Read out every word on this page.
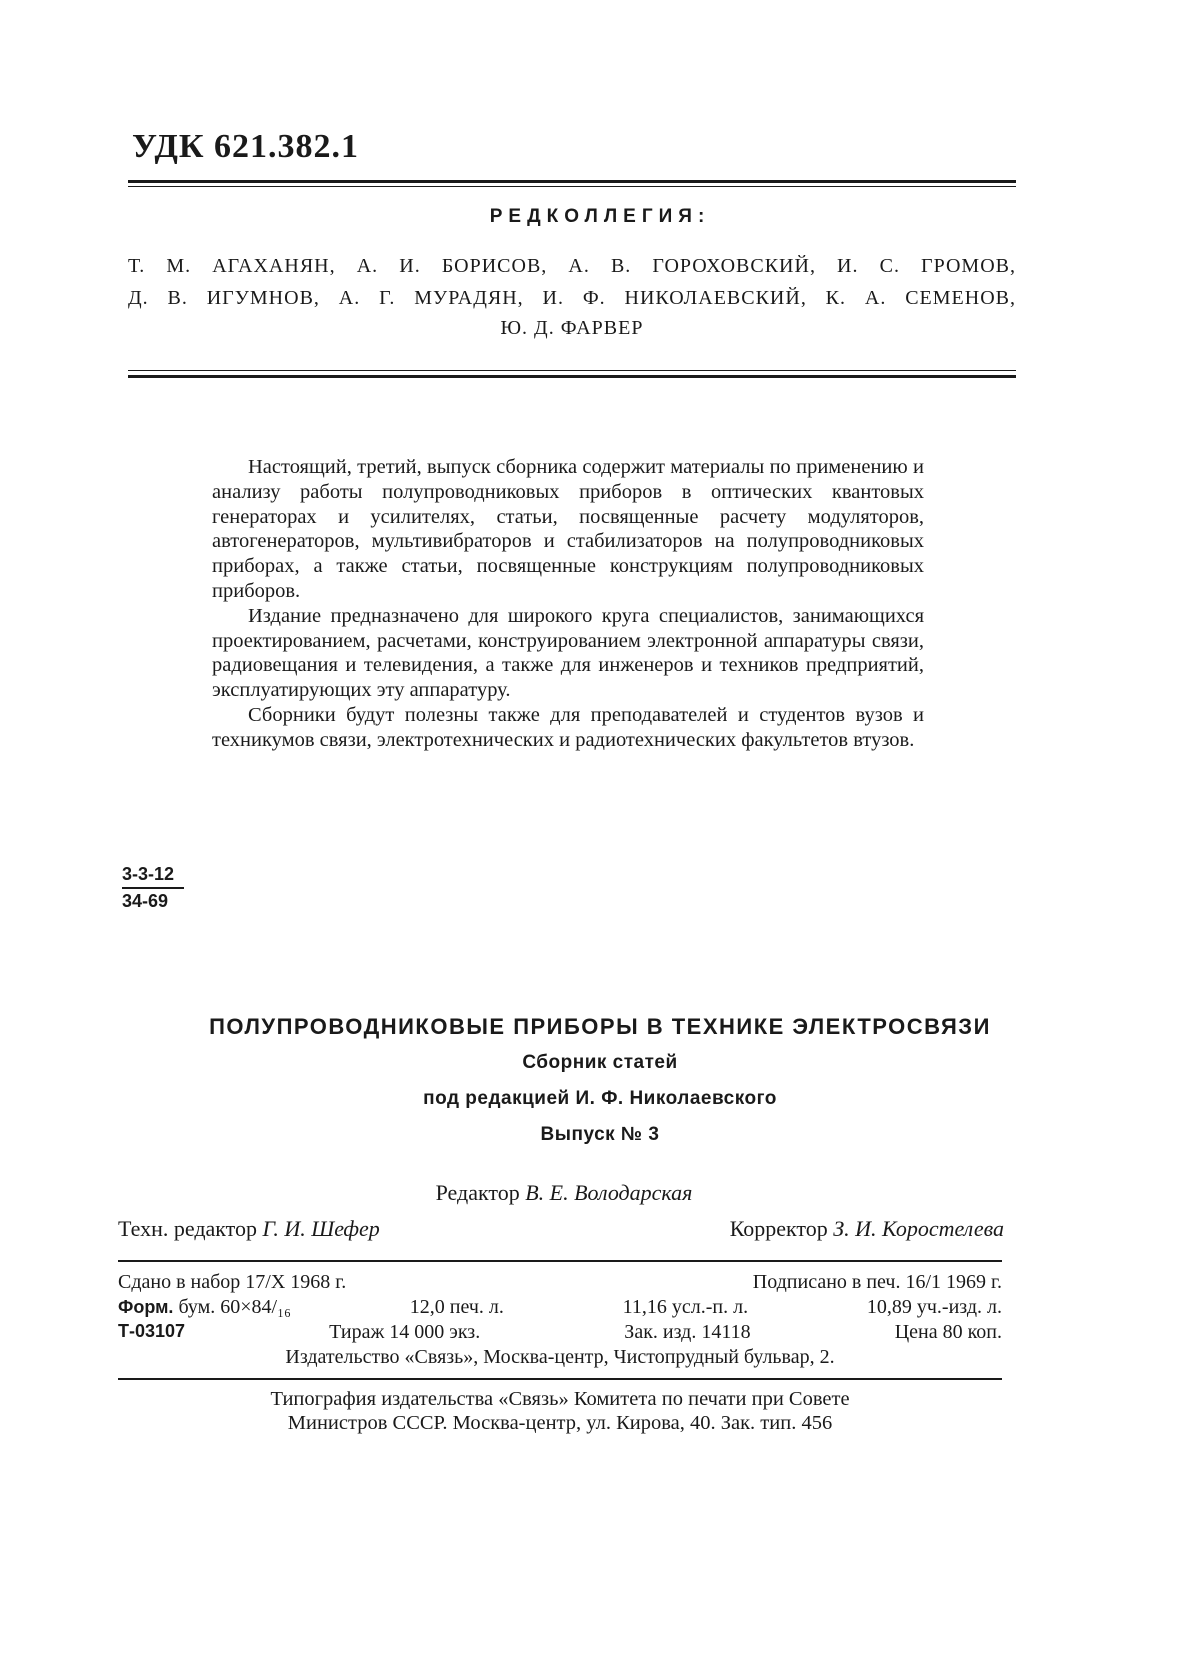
УДК 621.382.1
РЕДКОЛЛЕГИЯ:
Т. М. АГАХАНЯН, А. И. БОРИСОВ, А. В. ГОРОХОВСКИЙ, И. С. ГРОМОВ,
Д. В. ИГУМНОВ, А. Г. МУРАДЯН, И. Ф. НИКОЛАЕВСКИЙ, К. А. СЕМЕНОВ,
Ю. Д. ФАРВЕР

Настоящий, третий, выпуск сборника содержит материалы по применению и анализу работы полупроводниковых приборов в оптических квантовых генераторах и усилителях, статьи, посвященные расчету модуляторов, автогенераторов, мультивибраторов и стабилизаторов на полупроводниковых приборах, а также статьи, посвященные конструкциям полупроводниковых приборов.

Издание предназначено для широкого круга специалистов, занимающихся проектированием, расчетами, конструированием электронной аппаратуры связи, радиовещания и телевидения, а также для инженеров и техников предприятий, эксплуатирующих эту аппаратуру.

Сборники будут полезны также для преподавателей и студентов вузов и техникумов связи, электротехнических и радиотехнических факультетов втузов.

3-3-12
34-69
ПОЛУПРОВОДНИКОВЫЕ ПРИБОРЫ В ТЕХНИКЕ ЭЛЕКТРОСВЯЗИ
Сборник статей
под редакцией И. Ф. Николаевского
Выпуск № 3
Редактор В. Е. Володарская
Техн. редактор Г. И. Шефер	Корректор З. И. Коростелева
Сдано в набор 17/X 1968 г.	Подписано в печ. 16/1 1969 г.
Форм. бум. 60×84/₁₆	12,0 печ. л.	11,16 усл.-п. л.	10,89 уч.-изд. л.
Т-03107	Тираж 14 000 экз.	Зак. изд. 14118	Цена 80 коп.
Издательство «Связь», Москва-центр, Чистопрудный бульвар, 2.
Типография издательства «Связь» Комитета по печати при Совете
Министров СССР. Москва-центр, ул. Кирова, 40. Зак. тип. 456
